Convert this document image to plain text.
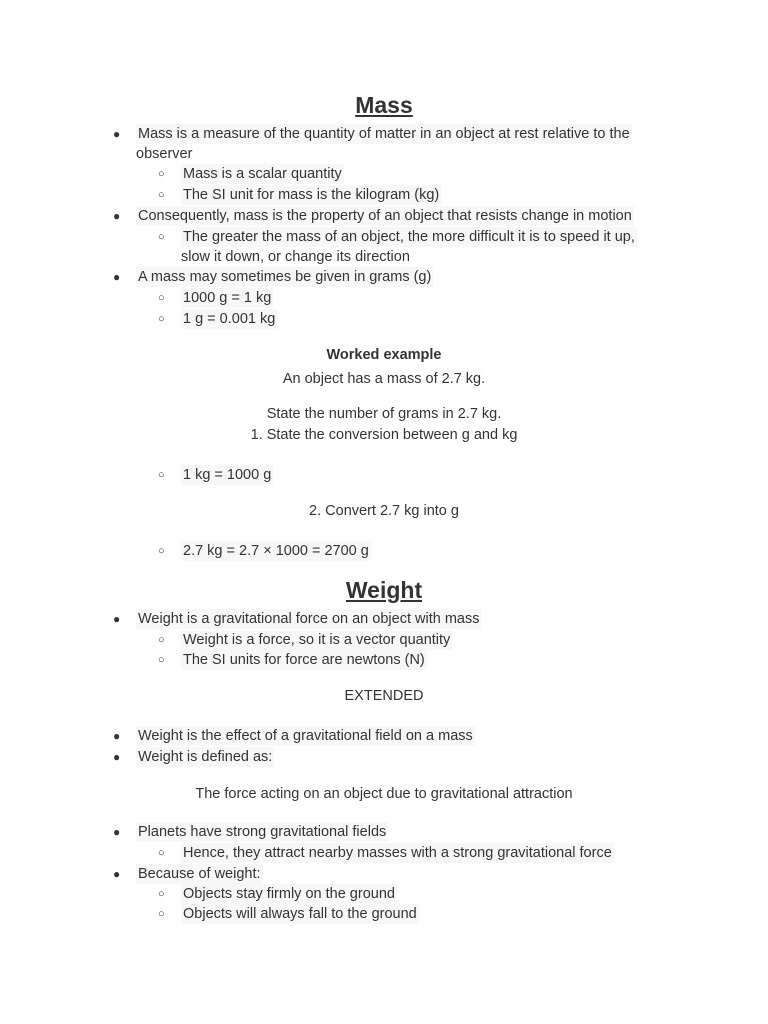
Mass
● Mass is a measure of the quantity of matter in an object at rest relative to the
observer
○ Mass is a scalar quantity
○ The SI unit for mass is the kilogram (kg)
● Consequently, mass is the property of an object that resists change in motion
○ The greater the mass of an object, the more difficult it is to speed it up,
slow it down, or change its direction
● A mass may sometimes be given in grams (g)
○ 1000 g = 1 kg
○ 1 g = 0.001 kg
Worked example
An object has a mass of 2.7 kg.
State the number of grams in 2.7 kg.
1. State the conversion between g and kg
○ 1 kg = 1000 g
2. Convert 2.7 kg into g
○ 2.7 kg = 2.7 × 1000 = 2700 g
Weight
● Weight is a gravitational force on an object with mass
○ Weight is a force, so it is a vector quantity
○ The SI units for force are newtons (N)
EXTENDED
● Weight is the effect of a gravitational field on a mass
● Weight is defined as:
The force acting on an object due to gravitational attraction
● Planets have strong gravitational fields
○ Hence, they attract nearby masses with a strong gravitational force
● Because of weight:
○ Objects stay firmly on the ground
○ Objects will always fall to the ground
